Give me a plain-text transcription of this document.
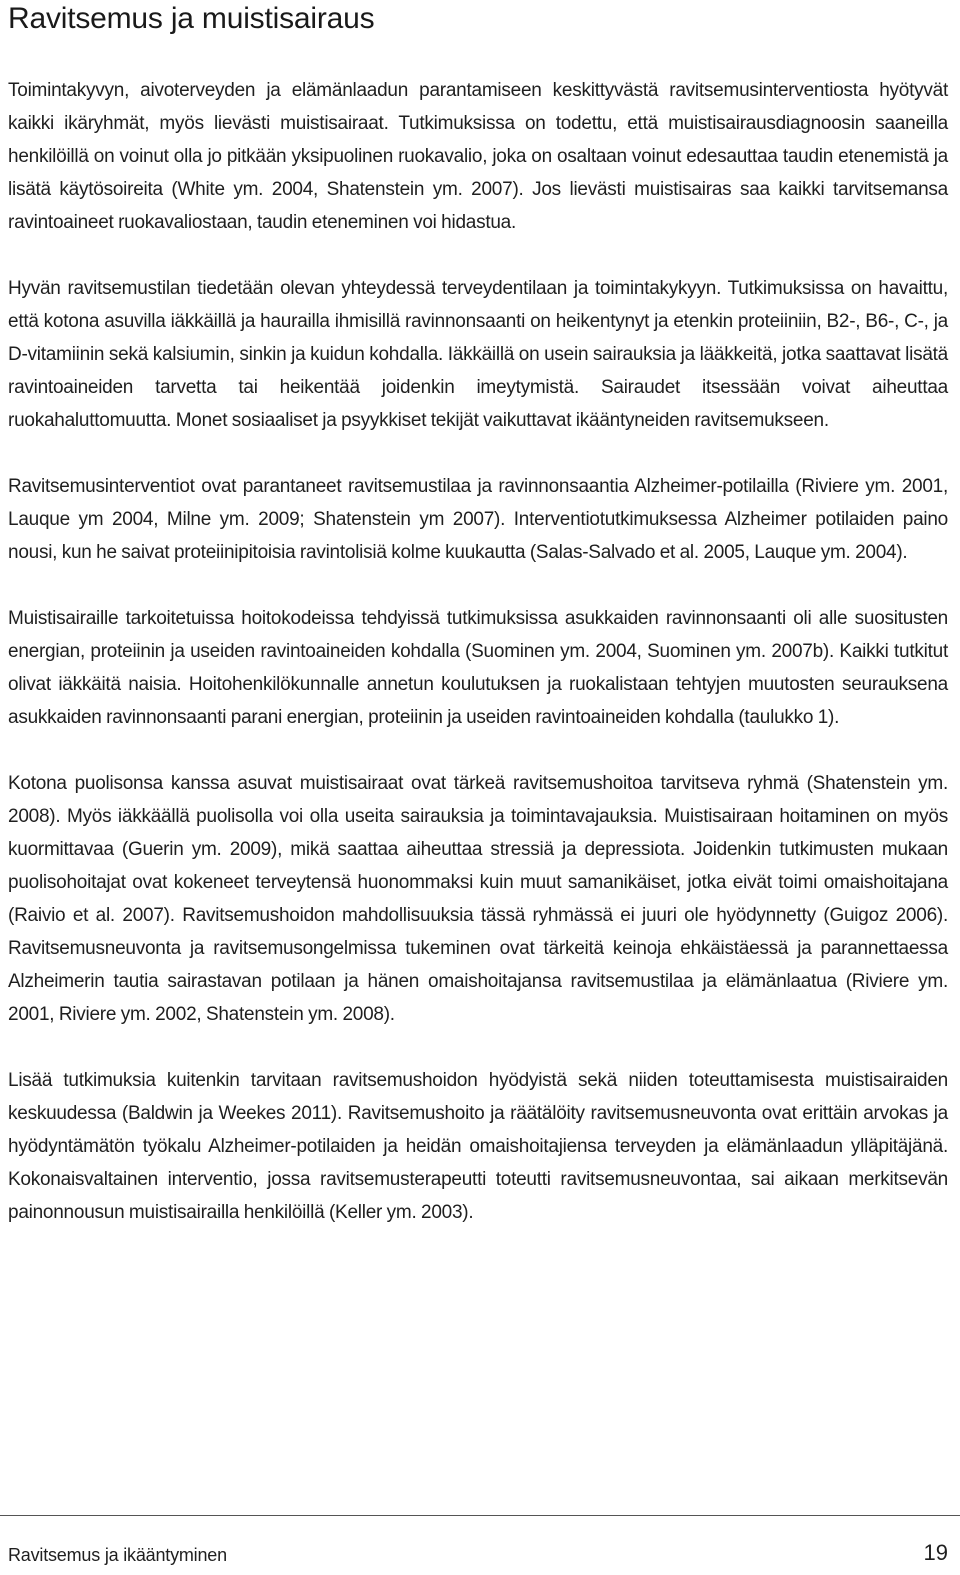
Ravitsemus ja muistisairaus

Toimintakyvyn, aivoterveyden ja elämänlaadun parantamiseen keskittyvästä ravitsemusinterventiosta hyötyvät kaikki ikäryhmät, myös lievästi muistisairaat. Tutkimuksissa on todettu, että muistisairausdiagnoosin saaneilla henkilöillä on voinut olla jo pitkään yksipuolinen ruokavalio, joka on osaltaan voinut edesauttaa taudin etenemistä ja lisätä käytösoireita (White ym. 2004, Shatenstein ym. 2007). Jos lievästi muistisairas saa kaikki tarvitsemansa ravintoaineet ruokavaliostaan, taudin eteneminen voi hidastua.

Hyvän ravitsemustilan tiedetään olevan yhteydessä terveydentilaan ja toimintakykyyn. Tutkimuksissa on havaittu, että kotona asuvilla iäkkäillä ja hauraillа ihmisillä ravinnonsaanti on heikentynyt ja etenkin proteiiniin, B2-, B6-, C-, ja D-vitamiinin sekä kalsiumin, sinkin ja kuidun kohdalla. Iäkkäillä on usein sairauksia ja lääkkeitä, jotka saattavat lisätä ravintoaineiden tarvetta tai heikentää joidenkin imeytymistä. Sairaudet itsessään voivat aiheuttaa ruokahaluttomuutta. Monet sosiaaliset ja psyykkiset tekijät vaikuttavat ikääntyneiden ravitsemukseen.

Ravitsemusinterventiot ovat parantaneet ravitsemustilaa ja ravinnonsaantia Alzheimer-potilailla (Riviere ym. 2001, Lauque ym 2004, Milne ym. 2009; Shatenstein ym 2007). Interventiotutkimuksessa Alzheimer potilaiden paino nousi, kun he saivat proteiinipitoisia ravintolisiä kolme kuukautta (Salas-Salvado et al. 2005, Lauque ym. 2004).

Muistisairaille tarkoitetuissa hoitokodeissa tehdyissä tutkimuksissa asukkaiden ravinnonsaanti oli alle suositusten energian, proteiinin ja useiden ravintoaineiden kohdalla (Suominen ym. 2004, Suominen ym. 2007b). Kaikki tutkitut olivat iäkkäitä naisia. Hoitohenkilökunnalle annetun koulutuksen ja ruokalistaan tehtyjen muutosten seurauksena asukkaiden ravinnonsaanti parani energian, proteiinin ja useiden ravintoaineiden kohdalla (taulukko 1).

Kotona puolisonsa kanssa asuvat muistisairaat ovat tärkeä ravitsemushoitoa tarvitseva ryhmä (Shatenstein ym. 2008). Myös iäkkäällä puolisolla voi olla useita sairauksia ja toimintavajauksia. Muistisairaan hoitaminen on myös kuormittavaa (Guerin ym. 2009), mikä saattaa aiheuttaa stressiä ja depressiota. Joidenkin tutkimusten mukaan puolisohoitajat ovat kokeneet terveytensä huonommaksi kuin muut samanikäiset, jotka eivät toimi omaishoitajana (Raivio et al. 2007). Ravitsemushoidon mahdollisuuksia tässä ryhmässä ei juuri ole hyödynnetty (Guigoz 2006). Ravitsemusneuvonta ja ravitsemusongelmissa tukeminen ovat tärkeitä keinoja ehkäistäessä ja parannettaessa Alzheimerin tautia sairastavan potilaan ja hänen omaishoitajansa ravitsemustilaa ja elämänlaatua (Riviere ym. 2001, Riviere ym. 2002, Shatenstein ym. 2008).

Lisää tutkimuksia kuitenkin tarvitaan ravitsemushoidon hyödyistä sekä niiden toteuttamisesta muistisairaiden keskuudessa (Baldwin ja Weekes 2011). Ravitsemushoito ja räätälöity ravitsemusneuvonta ovat erittäin arvokas ja hyödyntämätön työkalu Alzheimer-potilaiden ja heidän omaishoitajiensa terveyden ja elämänlaadun ylläpitäjänä. Kokonaisvaltainen interventio, jossa ravitsemusterapeutti toteutti ravitsemusneuvontaa, sai aikaan merkitsevän painonnousun muistisairailla henkilöillä (Keller ym. 2003).

Ravitsemus ja ikääntyminen	19
